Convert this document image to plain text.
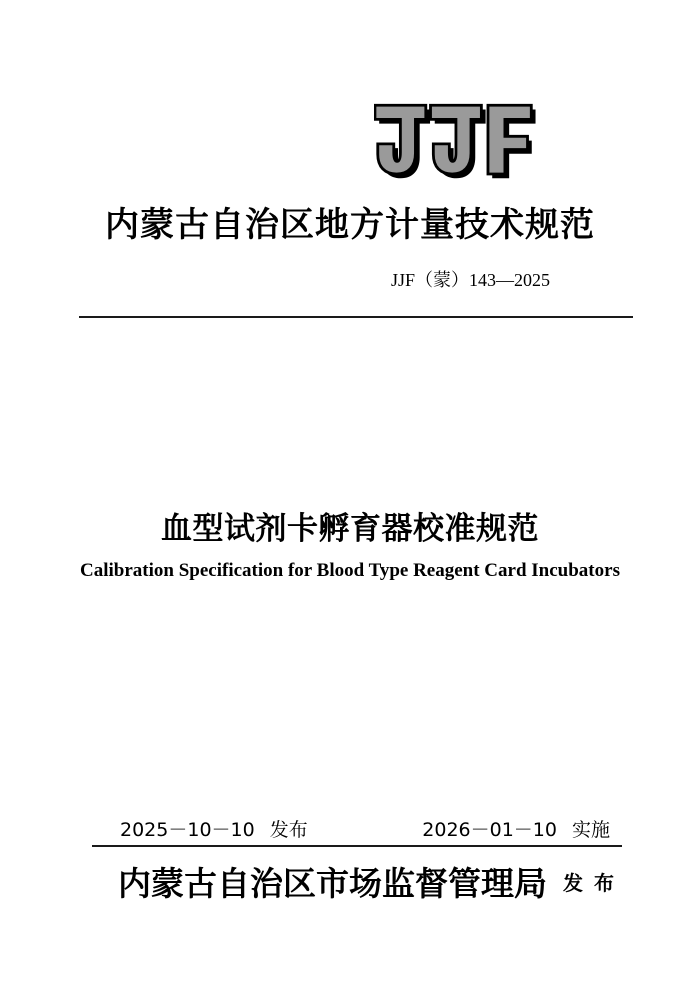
内蒙古自治区地方计量技术规范
JJF（蒙）143—2025
血型试剂卡孵育器校准规范
Calibration Specification for Blood Type Reagent Card Incubators
2025－10－10 发布	2026－01－10 实施
内蒙古自治区市场监督管理局 发 布
